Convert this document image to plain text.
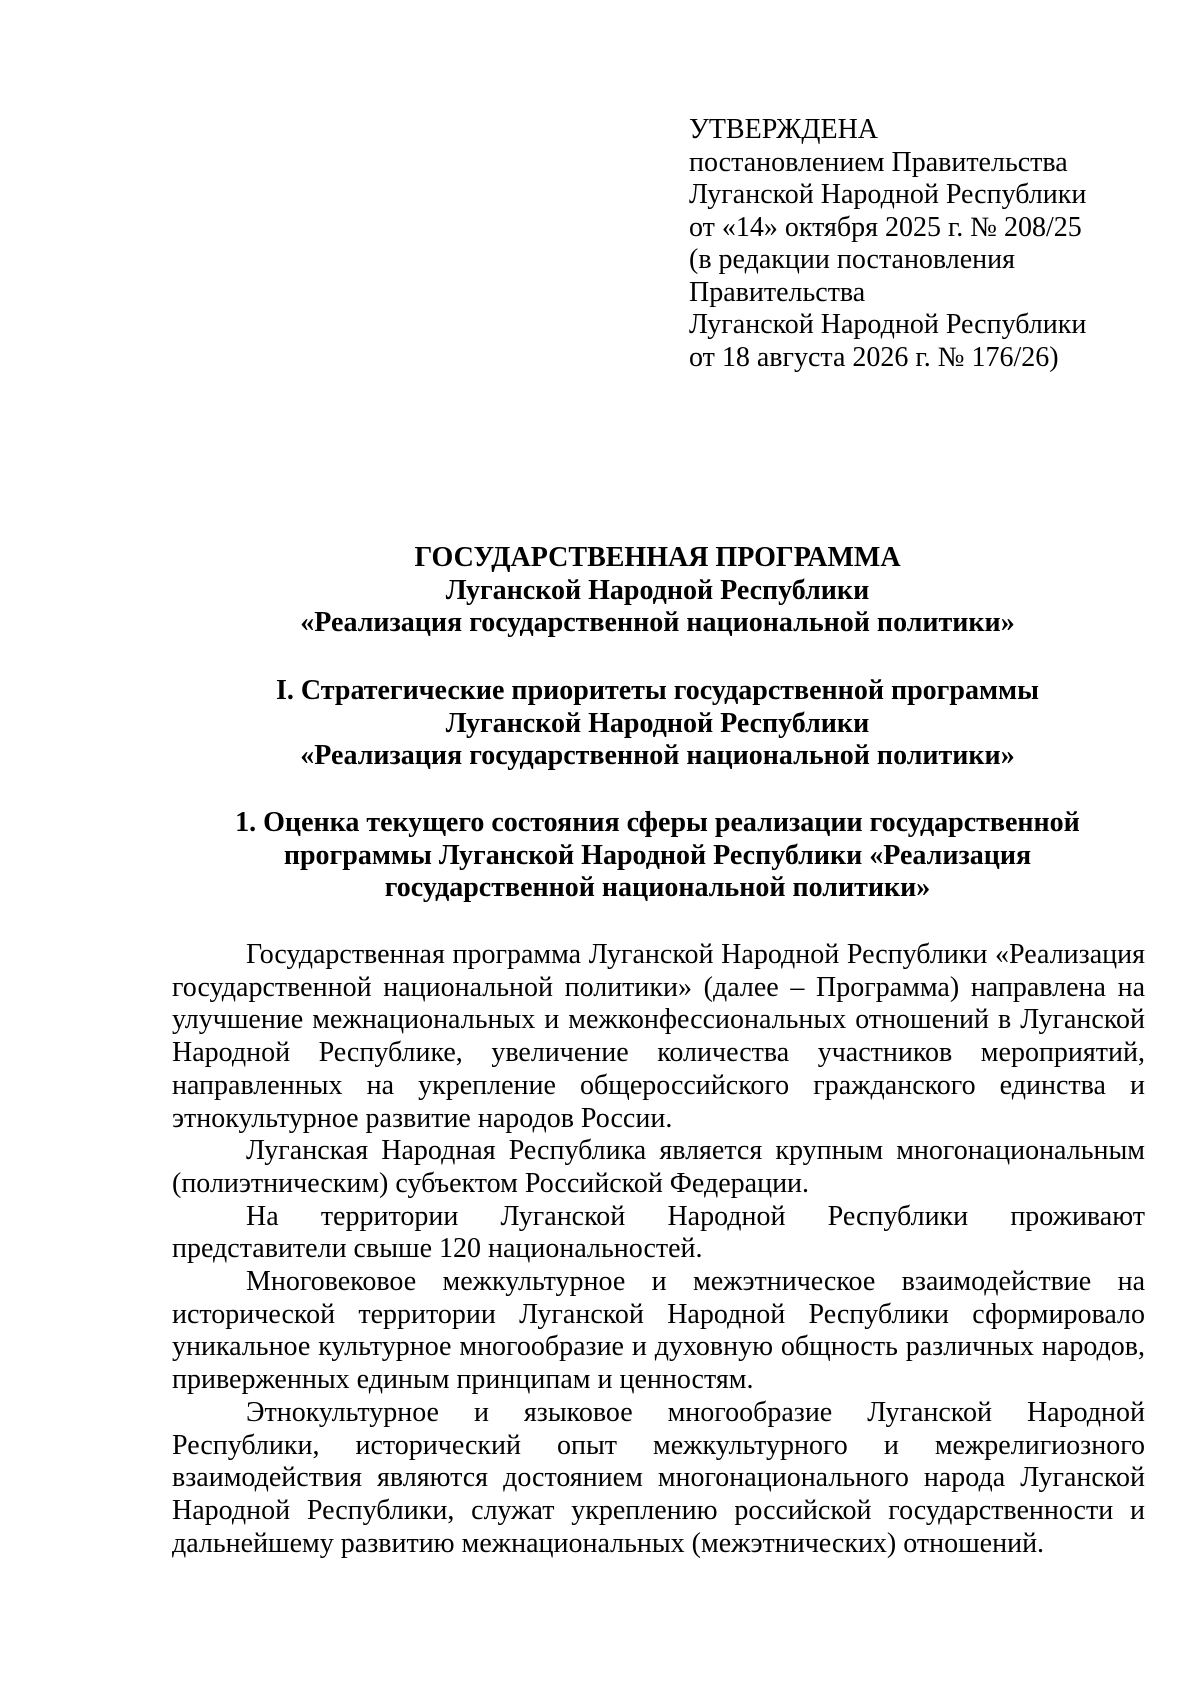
УТВЕРЖДЕНА
постановлением Правительства
Луганской Народной Республики
от «14» октября 2025 г. № 208/25
(в редакции постановления
Правительства
Луганской Народной Республики
от 18 августа 2026 г. № 176/26)
ГОСУДАРСТВЕННАЯ ПРОГРАММА
Луганской Народной Республики
«Реализация государственной национальной политики»
I. Стратегические приоритеты государственной программы
Луганской Народной Республики
«Реализация государственной национальной политики»
1. Оценка текущего состояния сферы реализации государственной
программы Луганской Народной Республики «Реализация
государственной национальной политики»

Государственная программа Луганской Народной Республики «Реализация государственной национальной политики» (далее – Программа) направлена на улучшение межнациональных и межконфессиональных отношений в Луганской Народной Республике, увеличение количества участников мероприятий, направленных на укрепление общероссийского гражданского единства и этнокультурное развитие народов России.

Луганская Народная Республика является крупным многонациональным (полиэтническим) субъектом Российской Федерации.

На территории Луганской Народной Республики проживают представители свыше 120 национальностей.

Многовековое межкультурное и межэтническое взаимодействие на исторической территории Луганской Народной Республики сформировало уникальное культурное многообразие и духовную общность различных народов, приверженных единым принципам и ценностям.

Этнокультурное и языковое многообразие Луганской Народной Республики, исторический опыт межкультурного и межрелигиозного взаимодействия являются достоянием многонационального народа Луганской Народной Республики, служат укреплению российской государственности и дальнейшему развитию межнациональных (межэтнических) отношений.
